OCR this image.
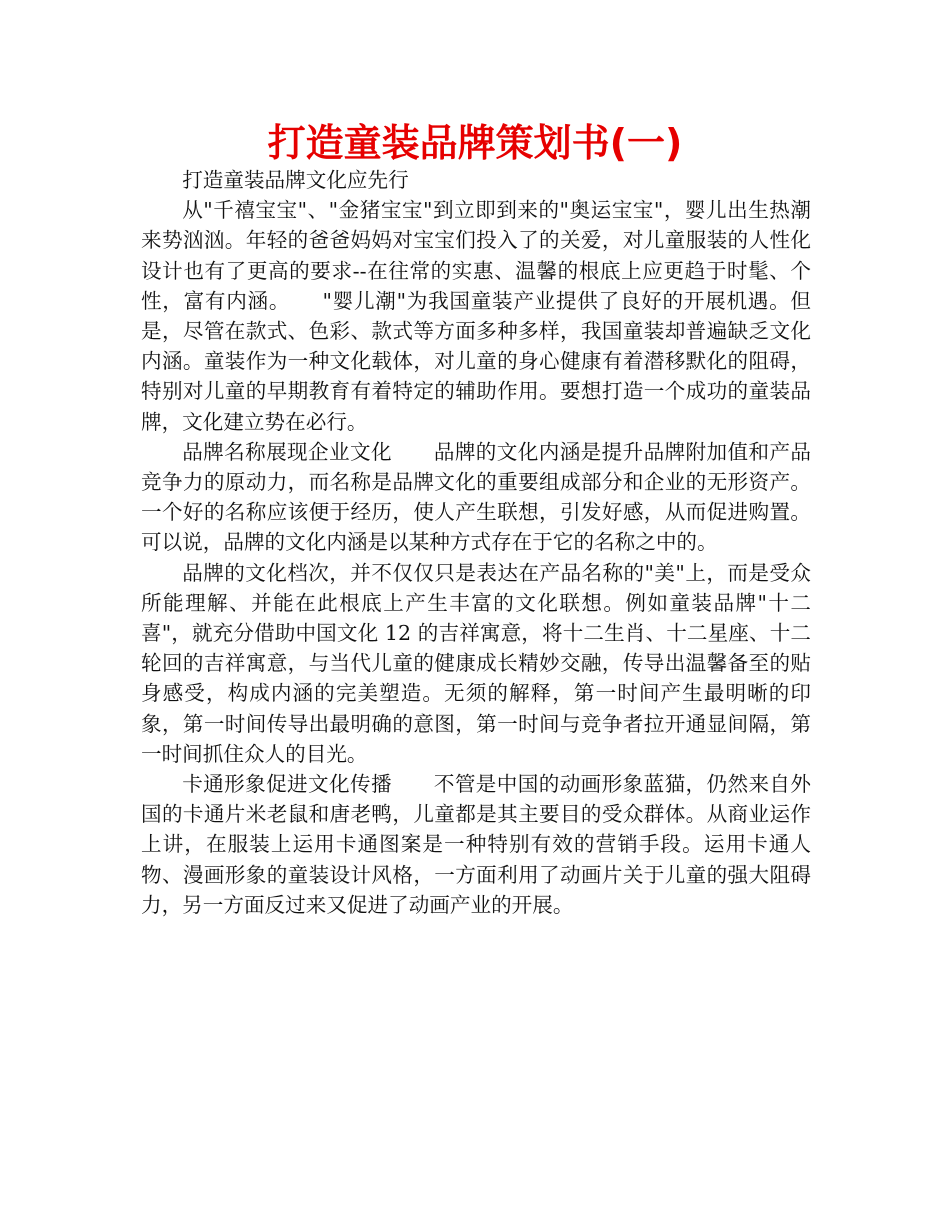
打造童装品牌策划书(一)

打造童装品牌文化应先行

从"千禧宝宝"、"金猪宝宝"到立即到来的"奥运宝宝"，婴儿出生热潮来势汹汹。年轻的爸爸妈妈对宝宝们投入了的关爱，对儿童服装的人性化设计也有了更高的要求--在往常的实惠、温馨的根底上应更趋于时髦、个性，富有内涵。　　"婴儿潮"为我国童装产业提供了良好的开展机遇。但是，尽管在款式、色彩、款式等方面多种多样，我国童装却普遍缺乏文化内涵。童装作为一种文化载体，对儿童的身心健康有着潜移默化的阻碍，特别对儿童的早期教育有着特定的辅助作用。要想打造一个成功的童装品牌，文化建立势在必行。

品牌名称展现企业文化　　品牌的文化内涵是提升品牌附加值和产品竞争力的原动力，而名称是品牌文化的重要组成部分和企业的无形资产。一个好的名称应该便于经历，使人产生联想，引发好感，从而促进购置。可以说，品牌的文化内涵是以某种方式存在于它的名称之中的。

品牌的文化档次，并不仅仅只是表达在产品名称的"美"上，而是受众所能理解、并能在此根底上产生丰富的文化联想。例如童装品牌"十二喜"，就充分借助中国文化 12 的吉祥寓意，将十二生肖、十二星座、十二轮回的吉祥寓意，与当代儿童的健康成长精妙交融，传导出温馨备至的贴身感受，构成内涵的完美塑造。无须的解释，第一时间产生最明晰的印象，第一时间传导出最明确的意图，第一时间与竞争者拉开通显间隔，第一时间抓住众人的目光。

卡通形象促进文化传播　　不管是中国的动画形象蓝猫，仍然来自外国的卡通片米老鼠和唐老鸭，儿童都是其主要目的受众群体。从商业运作上讲，在服装上运用卡通图案是一种特别有效的营销手段。运用卡通人物、漫画形象的童装设计风格，一方面利用了动画片关于儿童的强大阻碍力，另一方面反过来又促进了动画产业的开展。
